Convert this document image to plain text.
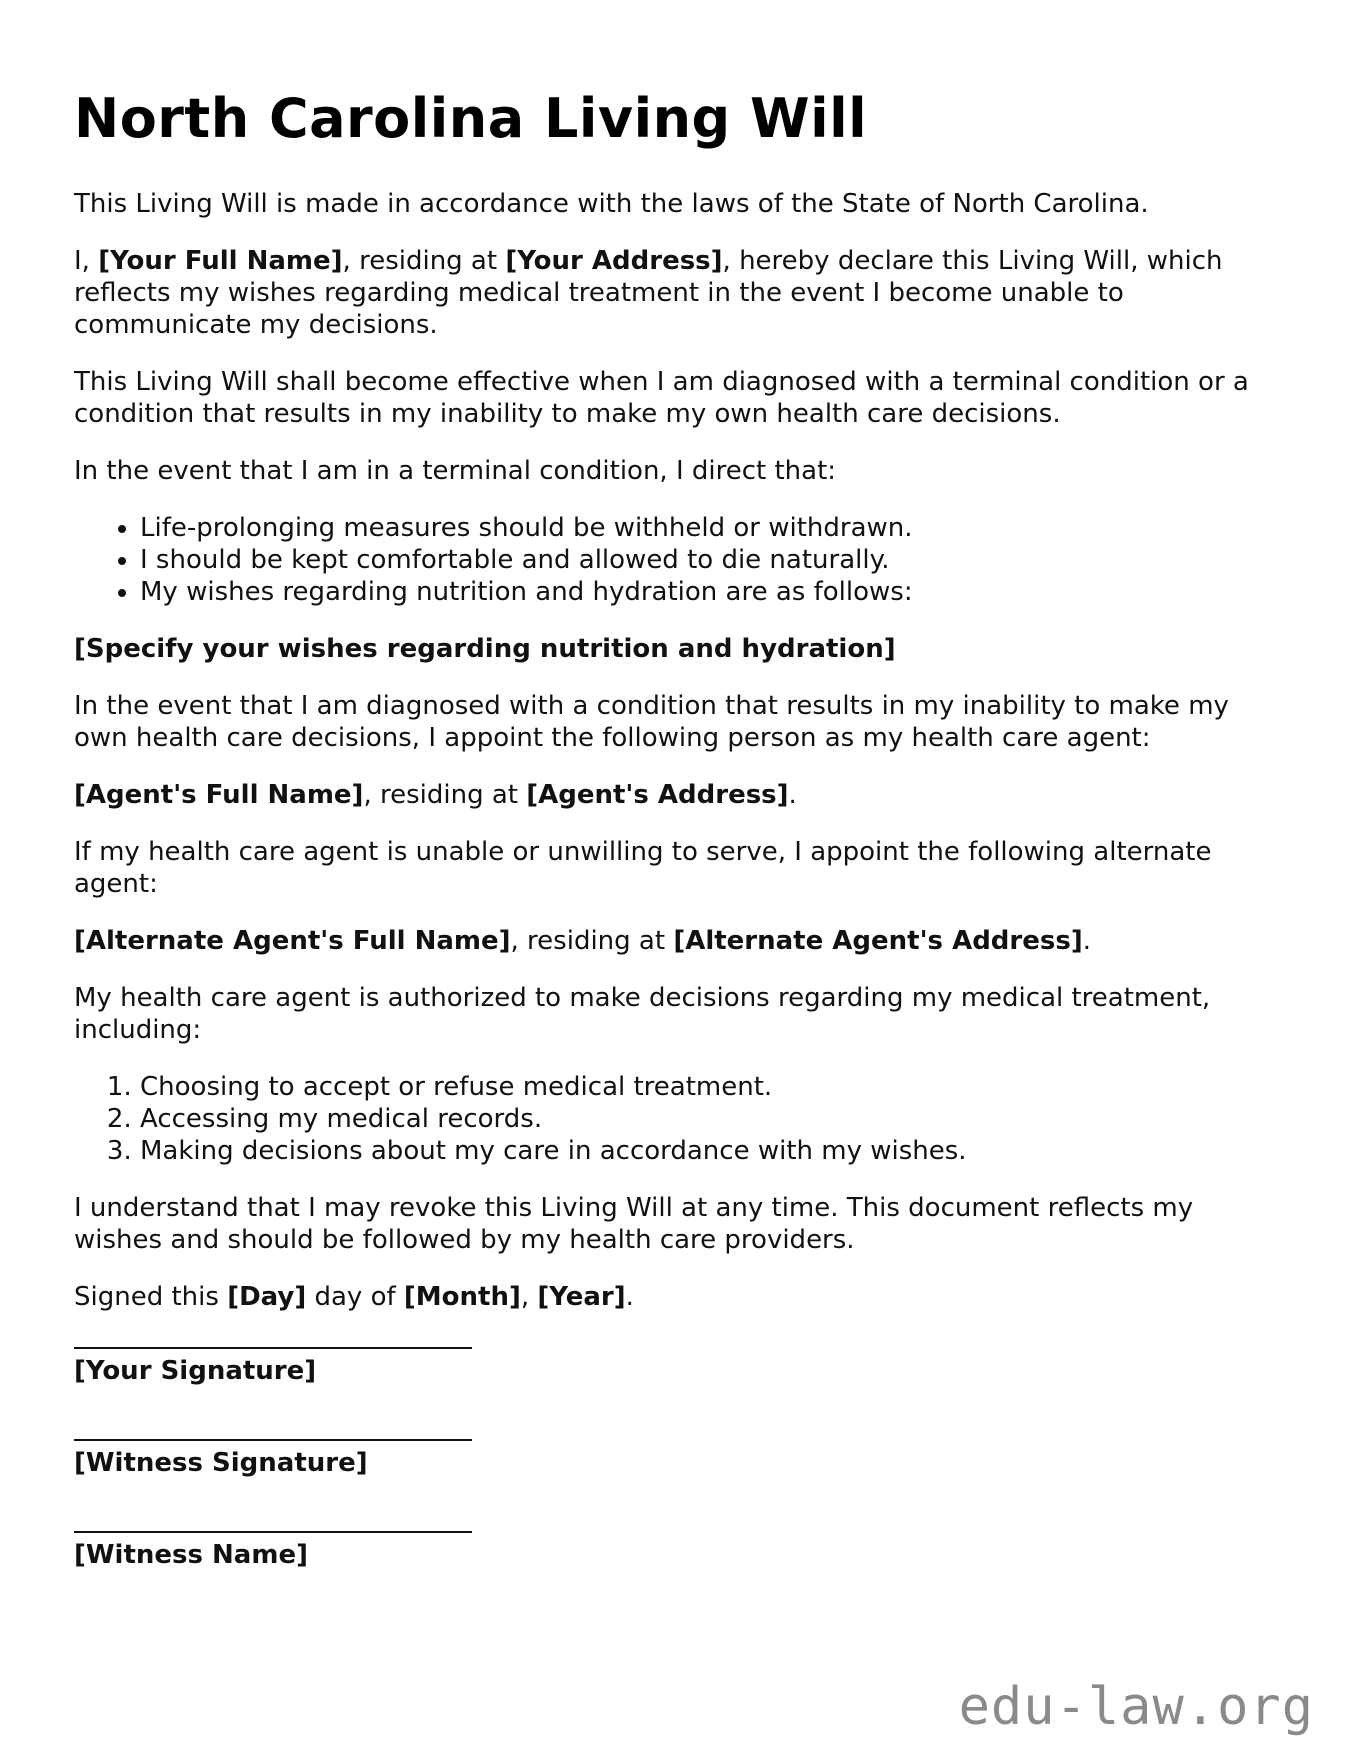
North Carolina Living Will

This Living Will is made in accordance with the laws of the State of North Carolina.

I, [Your Full Name], residing at [Your Address], hereby declare this Living Will, which reflects my wishes regarding medical treatment in the event I become unable to communicate my decisions.

This Living Will shall become effective when I am diagnosed with a terminal condition or a condition that results in my inability to make my own health care decisions.

In the event that I am in a terminal condition, I direct that:

• Life-prolonging measures should be withheld or withdrawn.
• I should be kept comfortable and allowed to die naturally.
• My wishes regarding nutrition and hydration are as follows:

[Specify your wishes regarding nutrition and hydration]

In the event that I am diagnosed with a condition that results in my inability to make my own health care decisions, I appoint the following person as my health care agent:

[Agent's Full Name], residing at [Agent's Address].

If my health care agent is unable or unwilling to serve, I appoint the following alternate agent:

[Alternate Agent's Full Name], residing at [Alternate Agent's Address].

My health care agent is authorized to make decisions regarding my medical treatment, including:

1. Choosing to accept or refuse medical treatment.
2. Accessing my medical records.
3. Making decisions about my care in accordance with my wishes.

I understand that I may revoke this Living Will at any time. This document reflects my wishes and should be followed by my health care providers.

Signed this [Day] day of [Month], [Year].

[Your Signature]
[Witness Signature]
[Witness Name]
edu-law.org
